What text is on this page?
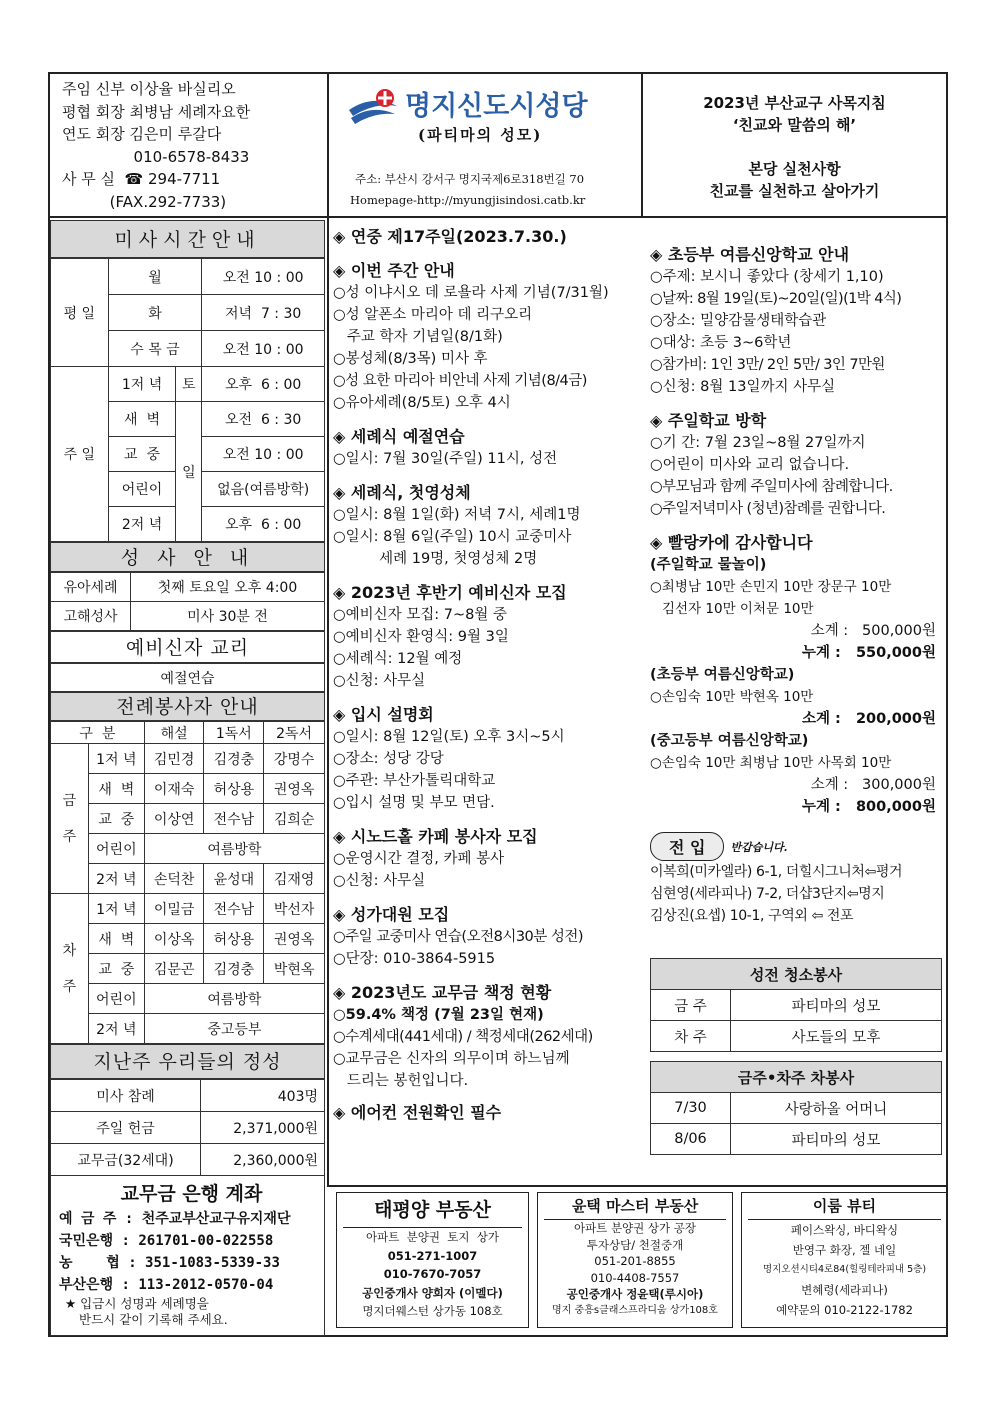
주임 신부 이상율 바실리오
평협 회장 최병남 세례자요한
연도 회장 김은미 루갈다
010-6578-8433
사 무 실  ☎ 294-7711
(FAX.292-7733)
명지신도시성당
(파티마의 성모)
주소: 부산시 강서구 명지국제6로318번길 70
Homepage-http://myungjisindosi.catb.kr
2023년 부산교구 사목지침
‘친교와 말씀의 해’
본당 실천사항
친교를 실천하고 살아가기
미사시간안내
평 일	월		오전 10 : 00
	화		저녁  7 : 30
	수 목 금		오전 10 : 00
주 일	1저 녁	토	오후  6 : 00
	새  벽	일	오전  6 : 30
	교  중		오전 10 : 00
	어린이		없음(여름방학)
	2저 녁		오후  6 : 00
성 사 안 내
유아세례	첫째 토요일 오후 4:00
고해성사	미사 30분 전
예비신자 교리
예절연습
전례봉사자 안내
구  분		해설	1독서	2독서
금

주	1저 녁	김민경	김경충	강명수
	새  벽	이재숙	허상용	권영옥
	교  중	이상연	전수남	김희순
	어린이	여름방학		
	2저 녁	손덕찬	윤성대	김재영
차

주	1저 녁	이밀금	전수남	박선자
	새  벽	이상옥	허상용	권영옥
	교  중	김문곤	김경충	박현옥
	어린이	여름방학		
	2저 녁	중고등부		
지난주 우리들의 정성
미사 참례	403명
주일 헌금	2,371,000원
교무금(32세대)	2,360,000원
교무금 은행 계좌
예 금 주 : 천주교부산교구유지재단
국민은행 : 261701-00-022558
농    협 : 351-1083-5339-33
부산은행 : 113-2012-0570-04
★ 입금시 성명과 세례명을
반드시 같이 기록해 주세요.
◈ 연중 제17주일(2023.7.30.)
◈ 이번 주간 안내

○성 이냐시오 데 로욜라 사제 기념(7/31월)

○성 알폰소 마리아 데 리구오리

주교 학자 기념일(8/1화)

○봉성체(8/3목) 미사 후

○성 요한 마리아 비안네 사제 기념(8/4금)

○유아세례(8/5토) 오후 4시

◈ 세례식 예절연습

○일시: 7월 30일(주일) 11시, 성전

◈ 세례식, 첫영성체

○일시: 8월 1일(화) 저녁 7시, 세례1명

○일시: 8월 6일(주일) 10시 교중미사

세례 19명, 첫영성체 2명

◈ 2023년 후반기 예비신자 모집

○예비신자 모집: 7~8월 중

○예비신자 환영식: 9월 3일

○세례식: 12월 예정

○신청: 사무실

◈ 입시 설명회

○일시: 8월 12일(토) 오후 3시~5시

○장소: 성당 강당

○주관: 부산가톨릭대학교

○입시 설명 및 부모 면담.

◈ 시노드홀 카페 봉사자 모집

○운영시간 결정, 카페 봉사

○신청: 사무실

◈ 성가대원 모집

○주일 교중미사 연습(오전8시30분 성전)

○단장: 010-3864-5915

◈ 2023년도 교무금 책정 현황

○59.4% 책정 (7월 23일 현재)

○수계세대(441세대) / 책정세대(262세대)

○교무금은 신자의 의무이며 하느님께

드리는 봉헌입니다.

◈ 에어컨 전원확인 필수
◈ 초등부 여름신앙학교 안내

○주제: 보시니 좋았다 (창세기 1,10)

○날짜: 8월 19일(토)~20일(일)(1박 4식)

○장소: 밀양감물생태학습관

○대상: 초등 3~6학년

○참가비: 1인 3만/ 2인 5만/ 3인 7만원

○신청: 8월 13일까지 사무실

◈ 주일학교 방학

○기 간: 7월 23일~8월 27일까지

○어린이 미사와 교리 없습니다.

○부모님과 함께 주일미사에 참례합니다.

○주일저녁미사 (청년)참례를 권합니다.

◈ 빨랑카에 감사합니다

(주일학교 물놀이)

○최병남 10만 손민지 10만 장문구 10만

김선자 10만 이처문 10만

소계 :   500,000원

누계 :   550,000원

(초등부 여름신앙학교)

○손임숙 10만 박현옥 10만

소계 :   200,000원

(중고등부 여름신앙학교)

○손임숙 10만 최병남 10만 사목회 10만

소계 :   300,000원

누계 :   800,000원

전 입	반갑습니다.

이복희(미카엘라) 6-1, 더힐시그니처⇦평거

심현영(세라피나) 7-2, 더샵3단지⇦명지

김상진(요셉) 10-1, 구역외 ⇦ 전포

성전 청소봉사	
금 주	파티마의 성모
차 주	사도들의 모후
금주•차주 차봉사	
7/30	사랑하올 어머니
8/06	파티마의 성모
태평양 부동산
아파트  분양권  토지  상가
051-271-1007
010-7670-7057
공인중개사 양희자 (이멜다)
명지더웨스턴 상가동 108호
윤택 마스터 부동산
아파트 분양권 상가 공장
투자상담/ 천절중개
051-201-8855
010-4408-7557
공인중개사 정윤택(루시아)
명지 중흥s클래스프라디움 상가108호
이룸 뷰티
페이스왁싱, 바디왁싱
반영구 화장, 젤 네일
명지오션시티4로84(힐링테라피내 5층)
변혜령(세라피나)
예약문의 010-2122-1782
